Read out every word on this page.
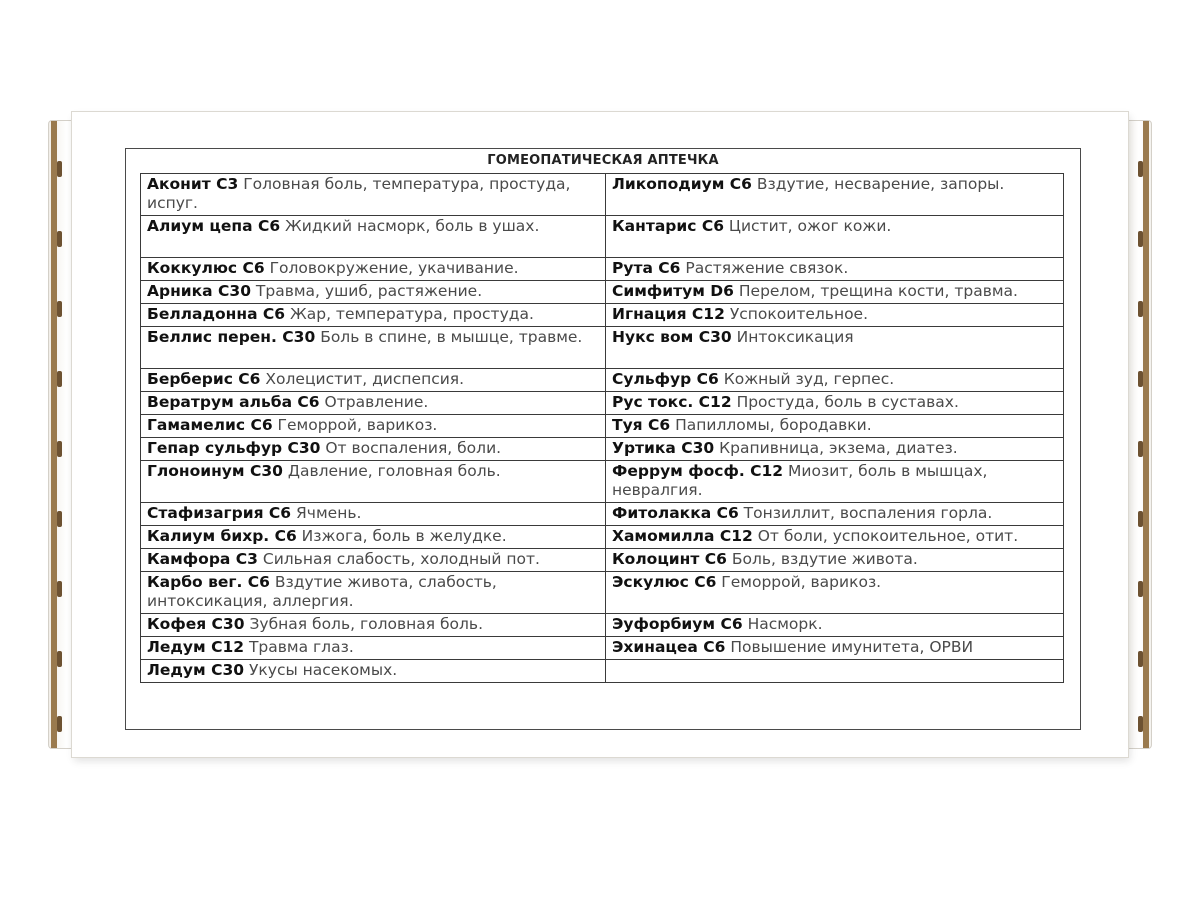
ГОМЕОПАТИЧЕСКАЯ АПТЕЧКА
Аконит С3 Головная боль, температура, простуда, испуг.	Ликоподиум С6 Вздутие, несварение, запоры.
Алиум цепа С6 Жидкий насморк, боль в ушах.	Кантарис С6 Цистит, ожог кожи.
Коккулюс С6 Головокружение, укачивание.	Рута С6 Растяжение связок.
Арника С30 Травма, ушиб, растяжение.	Симфитум D6 Перелом, трещина кости, травма.
Белладонна С6 Жар, температура, простуда.	Игнация С12 Успокоительное.
Беллис перен. С30 Боль в спине, в мышце, травме.	Нукс вом С30 Интоксикация
Берберис С6 Холецистит, диспепсия.	Сульфур С6 Кожный зуд, герпес.
Вератрум альба С6 Отравление.	Рус токс. С12 Простуда, боль в суставах.
Гамамелис С6 Геморрой, варикоз.	Туя С6 Папилломы, бородавки.
Гепар сульфур С30 От воспаления, боли.	Уртика С30 Крапивница, экзема, диатез.
Глоноинум С30 Давление, головная боль.	Феррум фосф. С12 Миозит, боль в мышцах, невралгия.
Стафизагрия С6 Ячмень.	Фитолакка С6 Тонзиллит, воспаления горла.
Калиум бихр. С6 Изжога, боль в желудке.	Хамомилла С12 От боли, успокоительное, отит.
Камфора С3 Сильная слабость, холодный пот.	Колоцинт С6 Боль, вздутие живота.
Карбо вег. С6 Вздутие живота, слабость, интоксикация, аллергия.	Эскулюс С6 Геморрой, варикоз.
Кофея С30 Зубная боль, головная боль.	Эуфорбиум С6 Насморк.
Ледум С12 Травма глаз.	Эхинацеа С6 Повышение имунитета, ОРВИ
Ледум С30 Укусы насекомых.	
